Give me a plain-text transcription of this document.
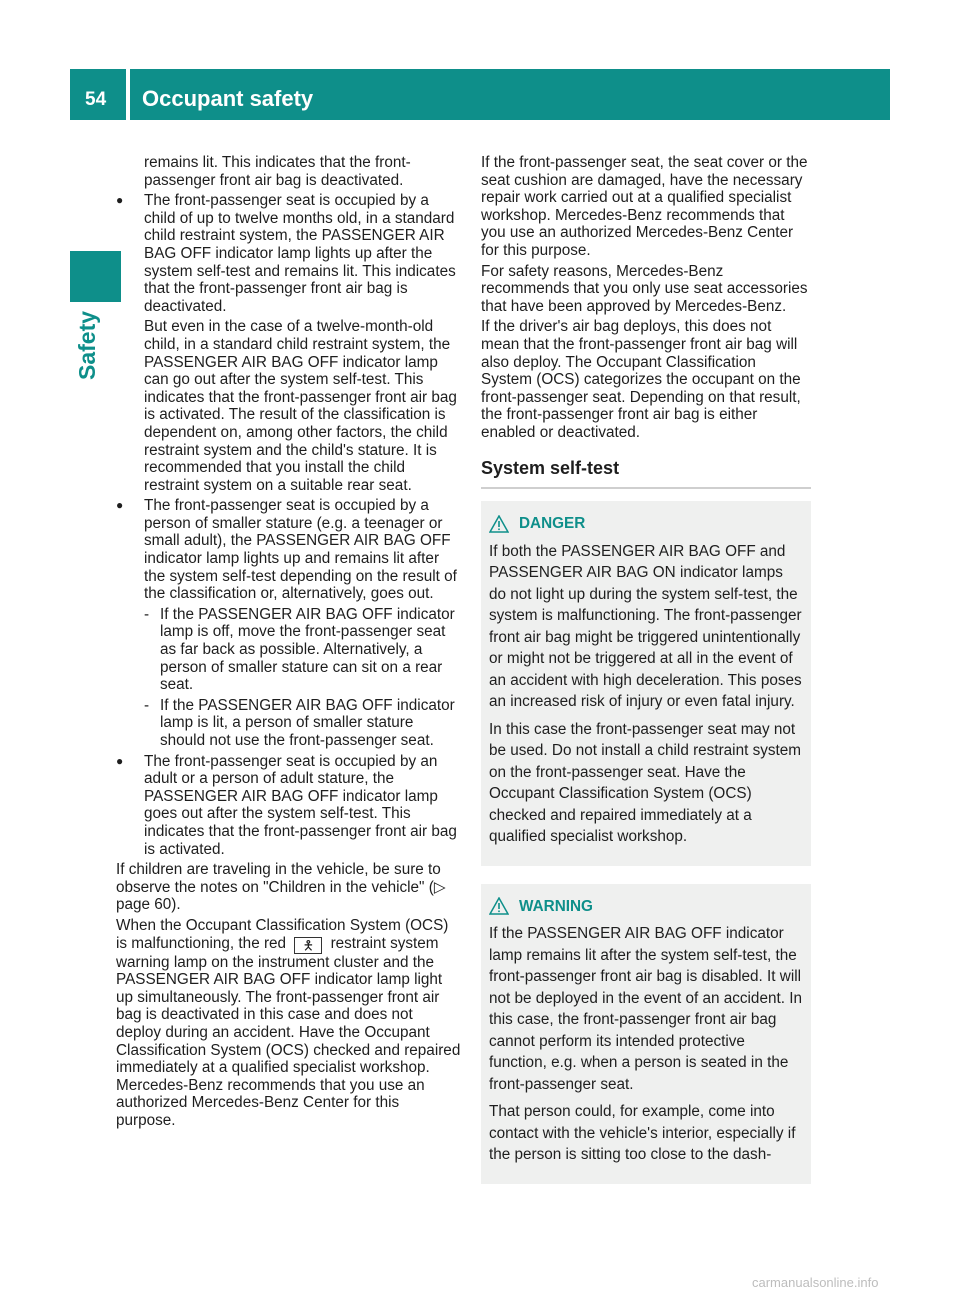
54 Occupant safety
Safety

remains lit. This indicates that the front-passenger front air bag is deactivated.

● The front-passenger seat is occupied by a child of up to twelve months old, in a standard child restraint system, the PASSENGER AIR BAG OFF indicator lamp lights up after the system self-test and remains lit. This indicates that the front-passenger front air bag is deactivated.

But even in the case of a twelve-month-old child, in a standard child restraint system, the PASSENGER AIR BAG OFF indicator lamp can go out after the system self-test. This indicates that the front-passenger front air bag is activated. The result of the classification is dependent on, among other factors, the child restraint system and the child's stature. It is recommended that you install the child restraint system on a suitable rear seat.

● The front-passenger seat is occupied by a person of smaller stature (e.g. a teenager or small adult), the PASSENGER AIR BAG OFF indicator lamp lights up and remains lit after the system self-test depending on the result of the classification or, alternatively, goes out.
- If the PASSENGER AIR BAG OFF indicator lamp is off, move the front-passenger seat as far back as possible. Alternatively, a person of smaller stature can sit on a rear seat.
- If the PASSENGER AIR BAG OFF indicator lamp is lit, a person of smaller stature should not use the front-passenger seat.
● The front-passenger seat is occupied by an adult or a person of adult stature, the PASSENGER AIR BAG OFF indicator lamp goes out after the system self-test. This indicates that the front-passenger front air bag is activated.

If children are traveling in the vehicle, be sure to observe the notes on "Children in the vehicle" (▷ page 60).

When the Occupant Classification System (OCS) is malfunctioning, the red 🯅 restraint system warning lamp on the instrument cluster and the PASSENGER AIR BAG OFF indicator lamp light up simultaneously. The front-passenger front air bag is deactivated in this case and does not deploy during an accident. Have the Occupant Classification System (OCS) checked and repaired immediately at a qualified specialist workshop. Mercedes-Benz recommends that you use an authorized Mercedes-Benz Center for this purpose.

If the front-passenger seat, the seat cover or the seat cushion are damaged, have the necessary repair work carried out at a qualified specialist workshop. Mercedes-Benz recommends that you use an authorized Mercedes-Benz Center for this purpose.

For safety reasons, Mercedes-Benz recommends that you only use seat accessories that have been approved by Mercedes-Benz.

If the driver's air bag deploys, this does not mean that the front-passenger front air bag will also deploy. The Occupant Classification System (OCS) categorizes the occupant on the front-passenger seat. Depending on that result, the front-passenger front air bag is either enabled or deactivated.

System self-test
DANGER

If both the PASSENGER AIR BAG OFF and PASSENGER AIR BAG ON indicator lamps do not light up during the system self-test, the system is malfunctioning. The front-passenger front air bag might be triggered unintentionally or might not be triggered at all in the event of an accident with high deceleration. This poses an increased risk of injury or even fatal injury.

In this case the front-passenger seat may not be used. Do not install a child restraint system on the front-passenger seat. Have the Occupant Classification System (OCS) checked and repaired immediately at a qualified specialist workshop.

WARNING

If the PASSENGER AIR BAG OFF indicator lamp remains lit after the system self-test, the front-passenger front air bag is disabled. It will not be deployed in the event of an accident. In this case, the front-passenger front air bag cannot perform its intended protective function, e.g. when a person is seated in the front-passenger seat.

That person could, for example, come into contact with the vehicle's interior, especially if the person is sitting too close to the dash-

carmanualsonline.info
